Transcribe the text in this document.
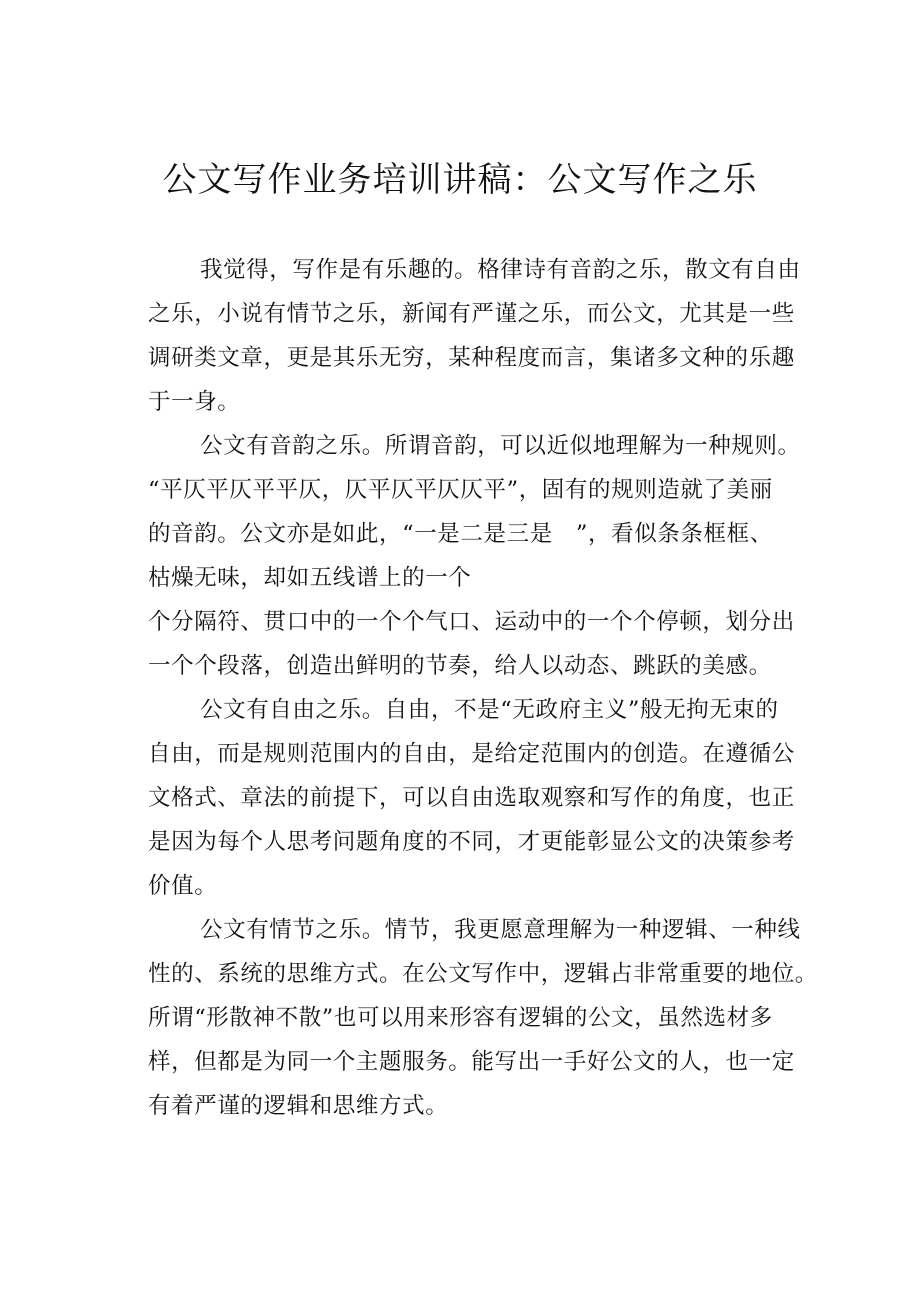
公文写作业务培训讲稿：公文写作之乐
我觉得，写作是有乐趣的。格律诗有音韵之乐，散文有自由
之乐，小说有情节之乐，新闻有严谨之乐，而公文，尤其是一些
调研类文章，更是其乐无穷，某种程度而言，集诸多文种的乐趣
于一身。
公文有音韵之乐。所谓音韵，可以近似地理解为一种规则。
“平仄平仄平平仄，仄平仄平仄仄平”，固有的规则造就了美丽
的音韵。公文亦是如此，“一是二是三是　”，看似条条框框、
枯燥无味，却如五线谱上的一个
个分隔符、贯口中的一个个气口、运动中的一个个停顿，划分出
一个个段落，创造出鲜明的节奏，给人以动态、跳跃的美感。
公文有自由之乐。自由，不是“无政府主义”般无拘无束的
自由，而是规则范围内的自由，是给定范围内的创造。在遵循公
文格式、章法的前提下，可以自由选取观察和写作的角度，也正
是因为每个人思考问题角度的不同，才更能彰显公文的决策参考
价值。
公文有情节之乐。情节，我更愿意理解为一种逻辑、一种线
性的、系统的思维方式。在公文写作中，逻辑占非常重要的地位。
所谓“形散神不散”也可以用来形容有逻辑的公文，虽然选材多
样，但都是为同一个主题服务。能写出一手好公文的人，也一定
有着严谨的逻辑和思维方式。
